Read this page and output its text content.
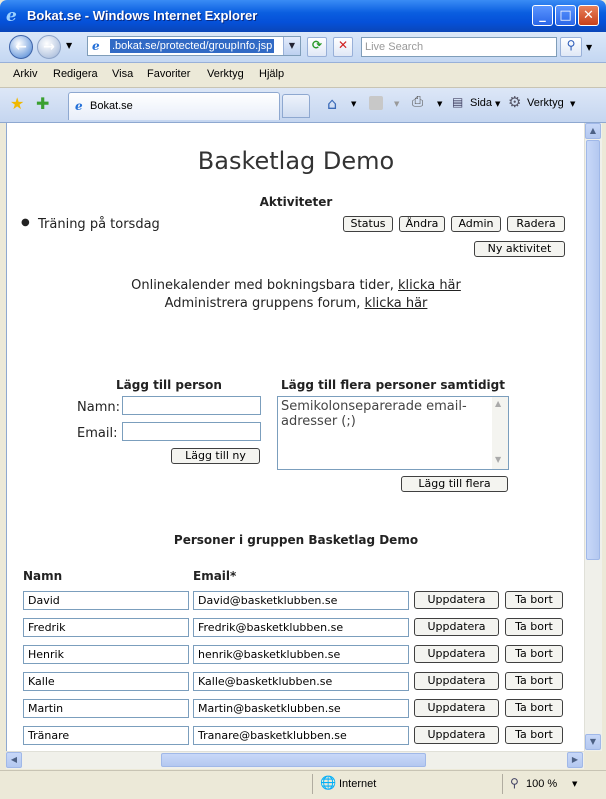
e Bokat.se - Windows Internet Explorer	_	□ ✕
←	→	▼ e .bokat.se/protected/groupInfo.jsp	▼	⟳	✕	Live Search	⚲	▼
Arkiv Redigera Visa Favoriter Verktyg Hjälp
★ ✚ e Bokat.se	⌂ ▼	▼ ⎙ ▼ ▤ Sida ▼ ⚙ Verktyg ▼
Basketlag Demo
Aktiviteter
● Träning på torsdag	Status	Ändra	Admin	Radera
Ny aktivitet
Onlinekalender med bokningsbara tider, klicka här
Administrera gruppens forum, klicka här
Lägg till person
Namn:
Email:
Lägg till ny
Lägg till flera personer samtidigt
Semikolonseparerade email-adresser (;)
▲
▼
Lägg till flera
Personer i gruppen Basketlag Demo
Namn	Email*
David	David@basketklubben.se	Uppdatera	Ta bort
Fredrik	Fredrik@basketklubben.se	Uppdatera	Ta bort
Henrik	henrik@basketklubben.se	Uppdatera	Ta bort
Kalle	Kalle@basketklubben.se	Uppdatera	Ta bort
Martin	Martin@basketklubben.se	Uppdatera	Ta bort
Tränare	Tranare@basketklubben.se	Uppdatera	Ta bort
▲
▼
◀	▶
🌐 Internet	⚲ 100 % ▼
